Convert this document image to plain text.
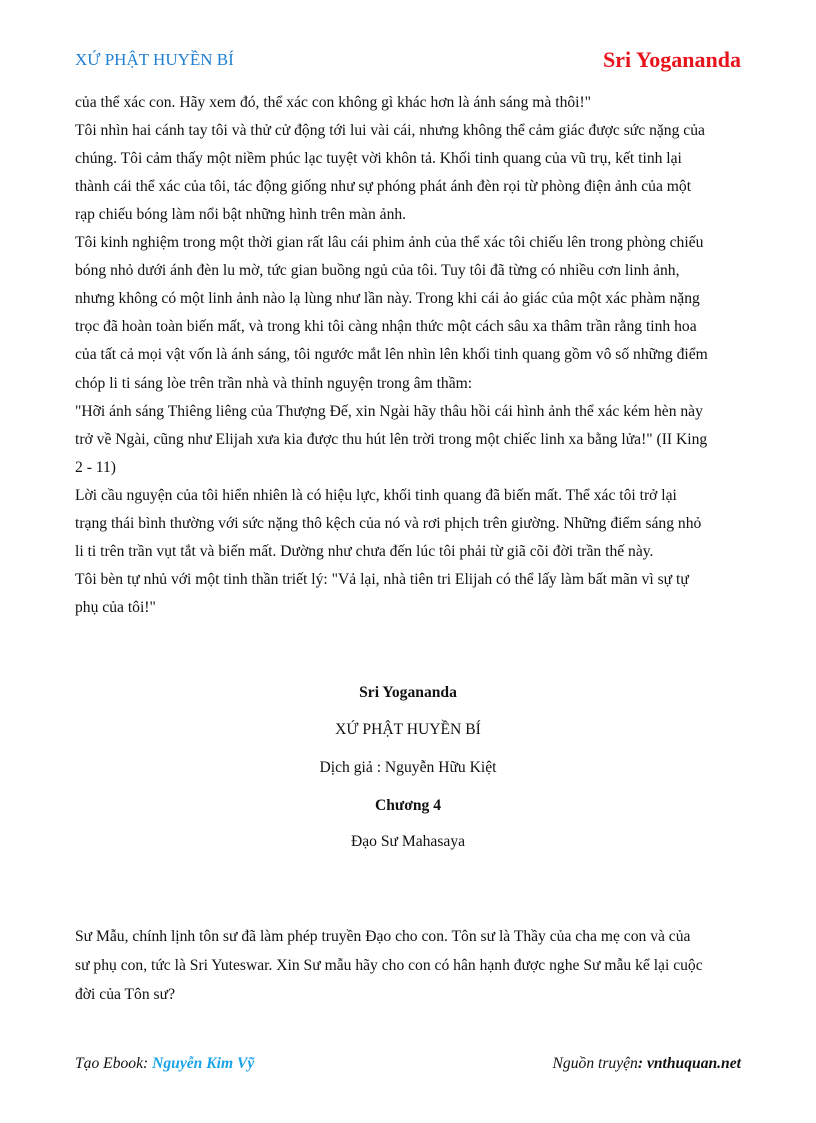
XỨ PHẬT HUYỀN BÍ	Sri Yogananda
của thể xác con. Hãy xem đó, thể xác con không gì khác hơn là ánh sáng mà thôi!"
Tôi nhìn hai cánh tay tôi và thử cử động tới lui vài cái, nhưng không thể cảm giác được sức nặng của
chúng. Tôi cảm thấy một niềm phúc lạc tuyệt vời khôn tả. Khối tinh quang của vũ trụ, kết tinh lại
thành cái thể xác của tôi, tác động giống như sự phóng phát ánh đèn rọi từ phòng điện ảnh của một
rạp chiếu bóng làm nổi bật những hình trên màn ảnh.
Tôi kinh nghiệm trong một thời gian rất lâu cái phim ảnh của thể xác tôi chiếu lên trong phòng chiếu
bóng nhỏ dưới ánh đèn lu mờ, tức gian buồng ngủ của tôi. Tuy tôi đã từng có nhiều cơn linh ảnh,
nhưng không có một linh ảnh nào lạ lùng như lần này. Trong khi cái ảo giác của một xác phàm nặng
trọc đã hoàn toàn biến mất, và trong khi tôi càng nhận thức một cách sâu xa thâm trần rằng tinh hoa
của tất cả mọi vật vốn là ánh sáng, tôi ngước mắt lên nhìn lên khối tinh quang gồm vô số những điểm
chóp li ti sáng lòe trên trần nhà và thỉnh nguyện trong âm thầm:
"Hỡi ánh sáng Thiêng liêng của Thượng Đế, xin Ngài hãy thâu hồi cái hình ảnh thể xác kém hèn này
trở về Ngài, cũng như Elijah xưa kia được thu hút lên trời trong một chiếc linh xa bằng lửa!" (II King
2 - 11)
Lời cầu nguyện của tôi hiển nhiên là có hiệu lực, khối tinh quang đã biến mất. Thể xác tôi trở lại
trạng thái bình thường với sức nặng thô kệch của nó và rơi phịch trên giường. Những điểm sáng nhỏ
li ti trên trần vụt tắt và biến mất. Dường như chưa đến lúc tôi phải từ giã cõi đời trần thế này.
Tôi bèn tự nhủ với một tinh thần triết lý: "Vả lại, nhà tiên tri Elijah có thể lấy làm bất mãn vì sự tự
phụ của tôi!"
Sri Yogananda
XỨ PHẬT HUYỀN BÍ
Dịch giả : Nguyễn Hữu Kiệt
Chương 4
Đạo Sư Mahasaya
Sư Mẫu, chính lịnh tôn sư đã làm phép truyền Đạo cho con. Tôn sư là Thầy của cha mẹ con và của
sư phụ con, tức là Sri Yuteswar. Xin Sư mẫu hãy cho con có hân hạnh được nghe Sư mẫu kể lại cuộc
đời của Tôn sư?
Tạo Ebook: Nguyễn Kim Vỹ	Nguồn truyện: vnthuquan.net
